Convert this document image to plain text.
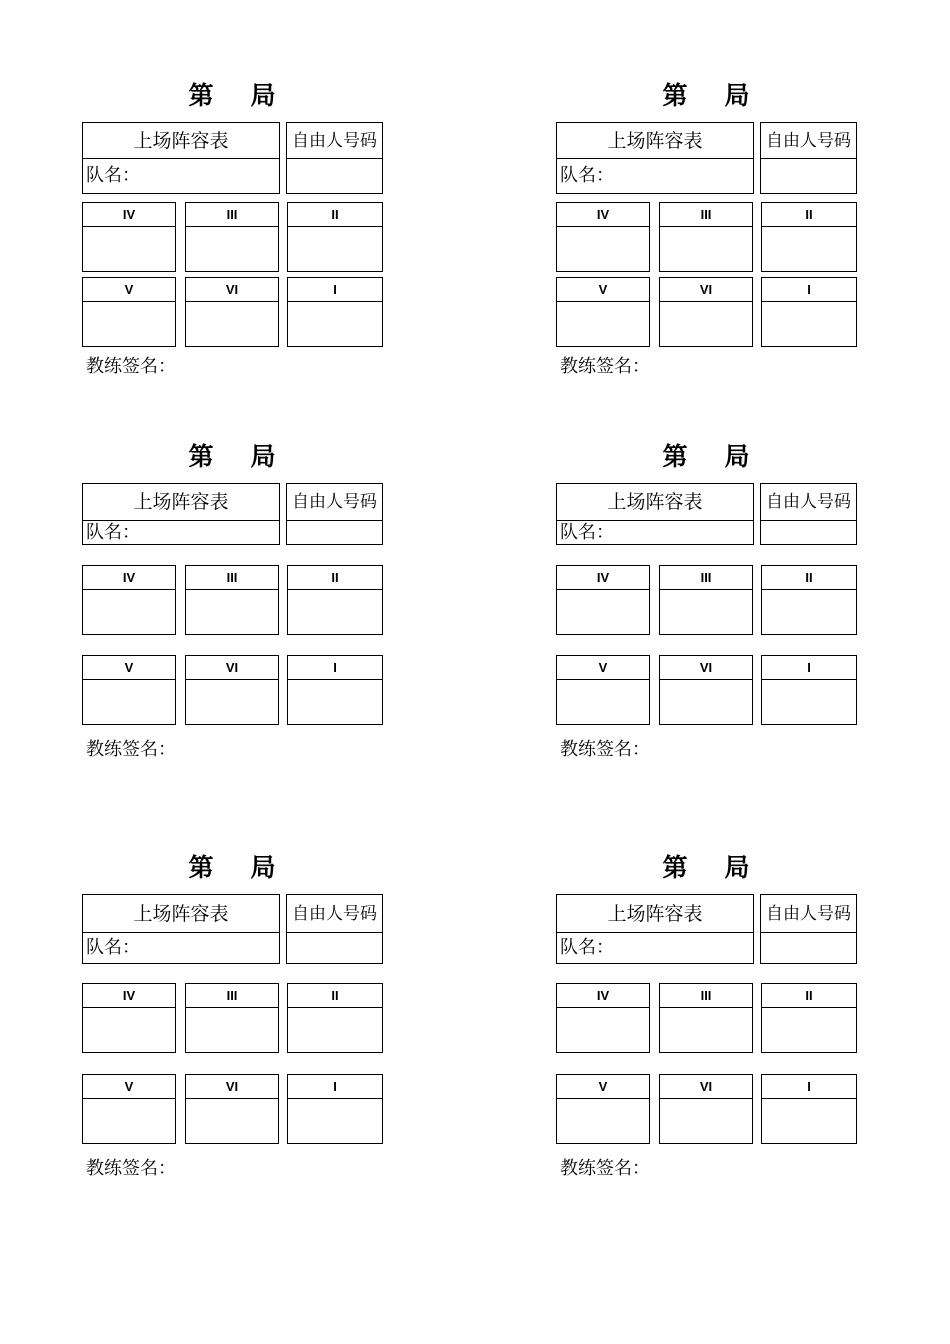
第 局
上场阵容表
队名：
自由人号码
IV	III	II
V	VI	I
教练签名：
第 局
上场阵容表
队名：
自由人号码
IV	III	II
V	VI	I
教练签名：
第 局
上场阵容表
队名：
自由人号码
IV	III	II
V	VI	I
教练签名：
第 局
上场阵容表
队名：
自由人号码
IV	III	II
V	VI	I
教练签名：
第 局
上场阵容表
队名：
自由人号码
IV	III	II
V	VI	I
教练签名：
第 局
上场阵容表
队名：
自由人号码
IV	III	II
V	VI	I
教练签名：
